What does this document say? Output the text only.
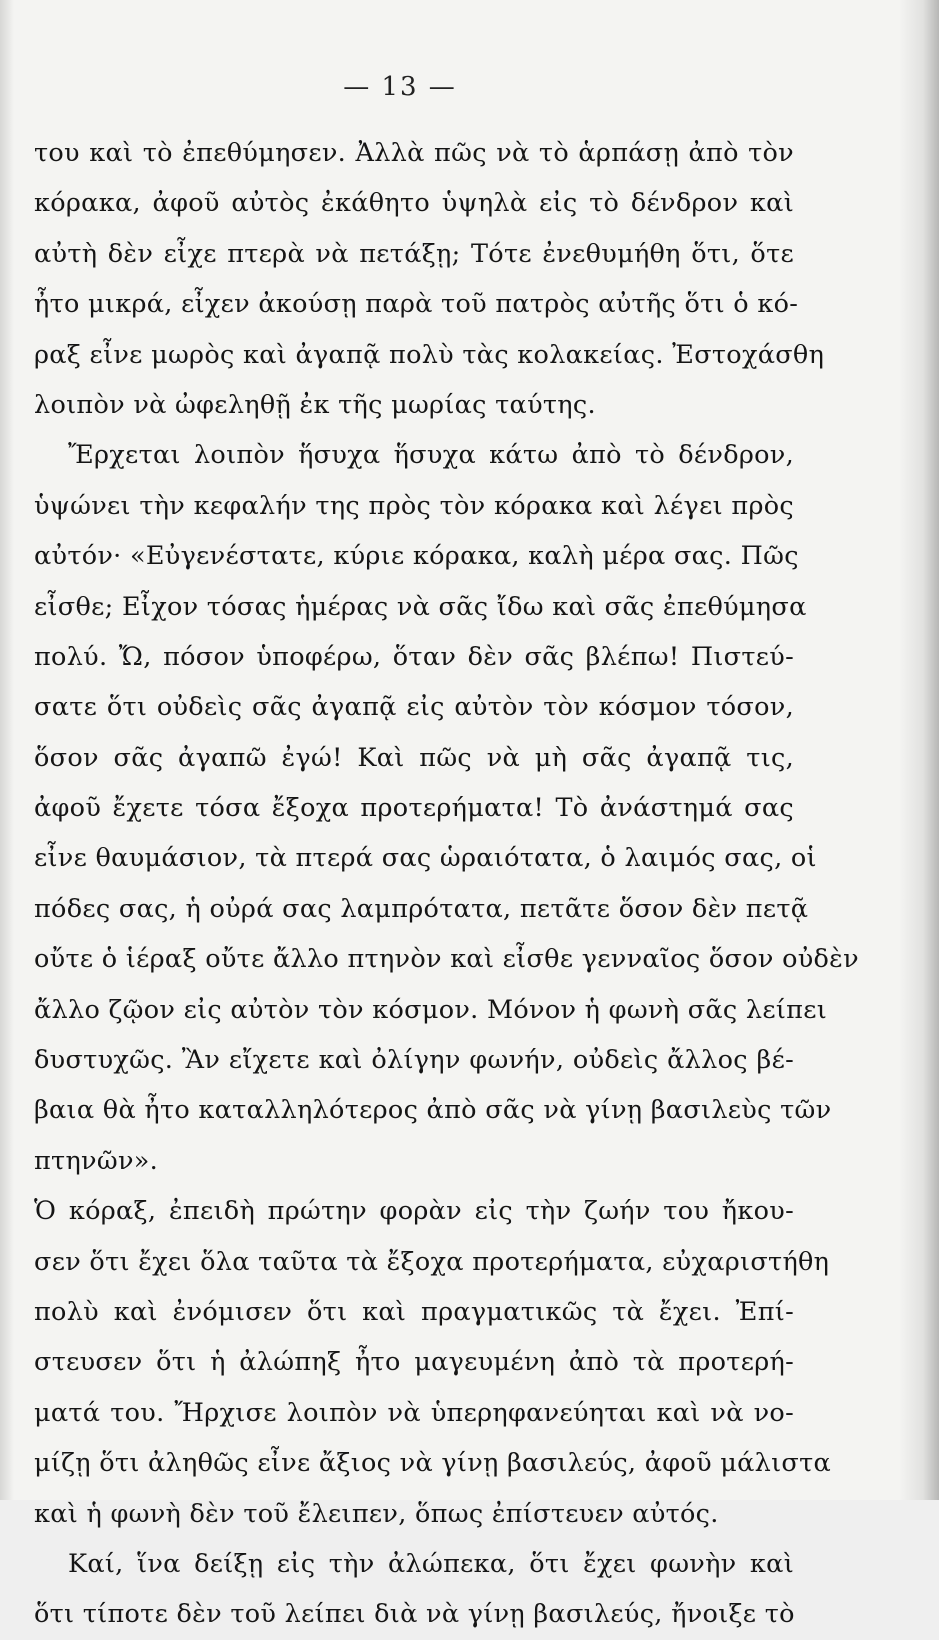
— 13 —
του καὶ τὸ ἐπεθύμησεν. Ἀλλὰ πῶς νὰ τὸ ἁρπάσῃ ἀπὸ τὸν
κόρακα, ἀφοῦ αὐτὸς ἐκάθητο ὑψηλὰ εἰς τὸ δένδρον καὶ
αὐτὴ δὲν εἶχε πτερὰ νὰ πετάξῃ; Τότε ἐνεθυμήθη ὅτι, ὅτε
ἦτο μικρά, εἶχεν ἀκούσῃ παρὰ τοῦ πατρὸς αὐτῆς ὅτι ὁ κό-
ραξ εἶνε μωρὸς καὶ ἀγαπᾷ πολὺ τὰς κολακείας. Ἐστοχάσθη
λοιπὸν νὰ ὠφεληθῇ ἐκ τῆς μωρίας ταύτης.
Ἔρχεται λοιπὸν ἥσυχα ἥσυχα κάτω ἀπὸ τὸ δένδρον,
ὑψώνει τὴν κεφαλήν της πρὸς τὸν κόρακα καὶ λέγει πρὸς
αὐτόν· «Εὐγενέστατε, κύριε κόρακα, καλὴ μέρα σας. Πῶς
εἶσθε; Εἶχον τόσας ἡμέρας νὰ σᾶς ἴδω καὶ σᾶς ἐπεθύμησα
πολύ. Ὤ, πόσον ὑποφέρω, ὅταν δὲν σᾶς βλέπω! Πιστεύ-
σατε ὅτι οὐδεὶς σᾶς ἀγαπᾷ εἰς αὐτὸν τὸν κόσμον τόσον,
ὅσον σᾶς ἀγαπῶ ἐγώ! Καὶ πῶς νὰ μὴ σᾶς ἀγαπᾷ τις,
ἀφοῦ ἔχετε τόσα ἔξοχα προτερήματα! Τὸ ἀνάστημά σας
εἶνε θαυμάσιον, τὰ πτερά σας ὡραιότατα, ὁ λαιμός σας, οἱ
πόδες σας, ἡ οὐρά σας λαμπρότατα, πετᾶτε ὅσον δὲν πετᾷ
οὔτε ὁ ἱέραξ οὔτε ἄλλο πτηνὸν καὶ εἶσθε γενναῖος ὅσον οὐδὲν
ἄλλο ζῷον εἰς αὐτὸν τὸν κόσμον. Μόνον ἡ φωνὴ σᾶς λείπει
δυστυχῶς. Ἂν εἴχετε καὶ ὀλίγην φωνήν, οὐδεὶς ἄλλος βέ-
βαια θὰ ἦτο καταλληλότερος ἀπὸ σᾶς νὰ γίνῃ βασιλεὺς τῶν
πτηνῶν».
Ὁ κόραξ, ἐπειδὴ πρώτην φορὰν εἰς τὴν ζωήν του ἤκου-
σεν ὅτι ἔχει ὅλα ταῦτα τὰ ἔξοχα προτερήματα, εὐχαριστήθη
πολὺ καὶ ἐνόμισεν ὅτι καὶ πραγματικῶς τὰ ἔχει. Ἐπί-
στευσεν ὅτι ἡ ἀλώπηξ ἦτο μαγευμένη ἀπὸ τὰ προτερή-
ματά του. Ἤρχισε λοιπὸν νὰ ὑπερηφανεύηται καὶ νὰ νο-
μίζῃ ὅτι ἀληθῶς εἶνε ἄξιος νὰ γίνῃ βασιλεύς, ἀφοῦ μάλιστα
καὶ ἡ φωνὴ δὲν τοῦ ἔλειπεν, ὅπως ἐπίστευεν αὐτός.
Καί, ἵνα δείξῃ εἰς τὴν ἀλώπεκα, ὅτι ἔχει φωνὴν καὶ
ὅτι τίποτε δὲν τοῦ λείπει διὰ νὰ γίνῃ βασιλεύς, ἤνοιξε τὸ
